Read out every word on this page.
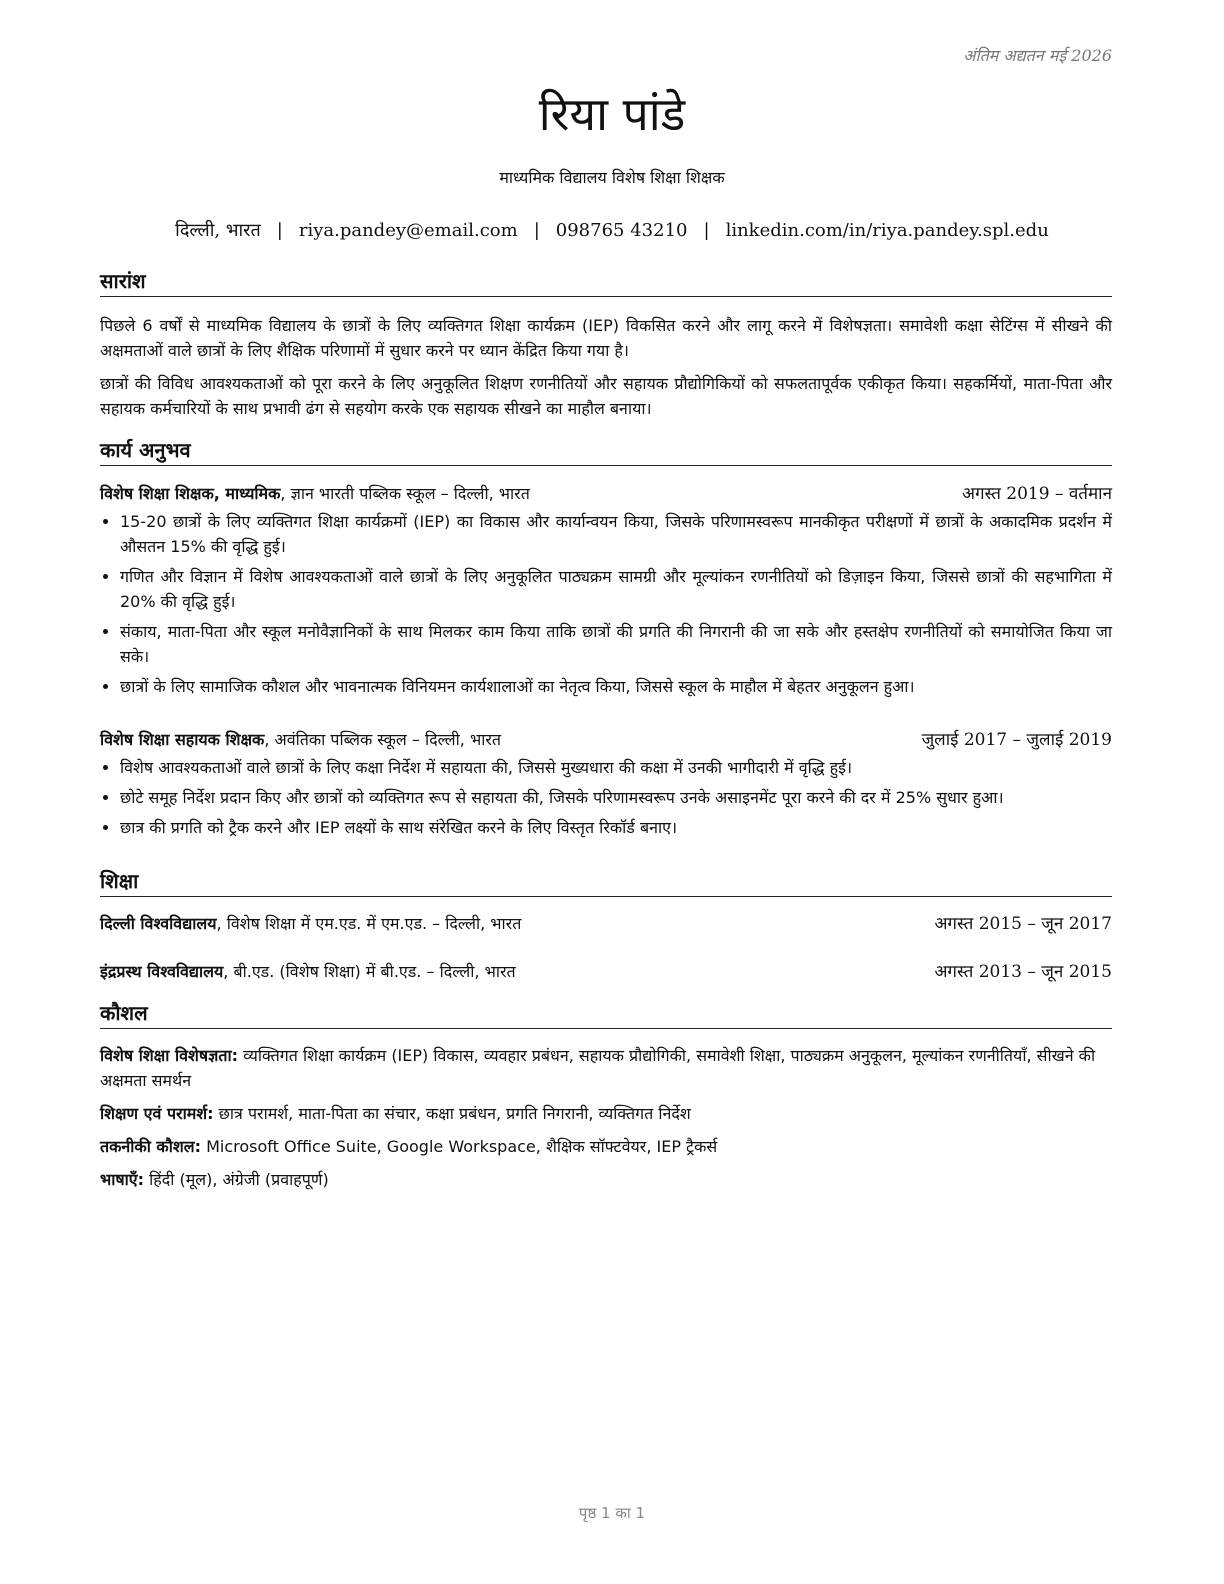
अंतिम अद्यतन मई 2026
रिया पांडे
माध्यमिक विद्यालय विशेष शिक्षा शिक्षक
दिल्ली, भारत | riya.pandey@email.com | 098765 43210 | linkedin.com/in/riya.pandey.spl.edu
सारांश

पिछले 6 वर्षों से माध्यमिक विद्यालय के छात्रों के लिए व्यक्तिगत शिक्षा कार्यक्रम (IEP) विकसित करने और लागू करने में विशेषज्ञता। समावेशी कक्षा सेटिंग्स में सीखने की अक्षमताओं वाले छात्रों के लिए शैक्षिक परिणामों में सुधार करने पर ध्यान केंद्रित किया गया है।

छात्रों की विविध आवश्यकताओं को पूरा करने के लिए अनुकूलित शिक्षण रणनीतियों और सहायक प्रौद्योगिकियों को सफलतापूर्वक एकीकृत किया। सहकर्मियों, माता-पिता और सहायक कर्मचारियों के साथ प्रभावी ढंग से सहयोग करके एक सहायक सीखने का माहौल बनाया।

कार्य अनुभव
विशेष शिक्षा शिक्षक, माध्यमिक, ज्ञान भारती पब्लिक स्कूल – दिल्ली, भारत	अगस्त 2019 – वर्तमान
• 15-20 छात्रों के लिए व्यक्तिगत शिक्षा कार्यक्रमों (IEP) का विकास और कार्यान्वयन किया, जिसके परिणामस्वरूप मानकीकृत परीक्षणों में छात्रों के अकादमिक प्रदर्शन में औसतन 15% की वृद्धि हुई।
• गणित और विज्ञान में विशेष आवश्यकताओं वाले छात्रों के लिए अनुकूलित पाठ्यक्रम सामग्री और मूल्यांकन रणनीतियों को डिज़ाइन किया, जिससे छात्रों की सहभागिता में 20% की वृद्धि हुई।
• संकाय, माता-पिता और स्कूल मनोवैज्ञानिकों के साथ मिलकर काम किया ताकि छात्रों की प्रगति की निगरानी की जा सके और हस्तक्षेप रणनीतियों को समायोजित किया जा सके।
• छात्रों के लिए सामाजिक कौशल और भावनात्मक विनियमन कार्यशालाओं का नेतृत्व किया, जिससे स्कूल के माहौल में बेहतर अनुकूलन हुआ।
विशेष शिक्षा सहायक शिक्षक, अवंतिका पब्लिक स्कूल – दिल्ली, भारत	जुलाई 2017 – जुलाई 2019
• विशेष आवश्यकताओं वाले छात्रों के लिए कक्षा निर्देश में सहायता की, जिससे मुख्यधारा की कक्षा में उनकी भागीदारी में वृद्धि हुई।
• छोटे समूह निर्देश प्रदान किए और छात्रों को व्यक्तिगत रूप से सहायता की, जिसके परिणामस्वरूप उनके असाइनमेंट पूरा करने की दर में 25% सुधार हुआ।
• छात्र की प्रगति को ट्रैक करने और IEP लक्ष्यों के साथ संरेखित करने के लिए विस्तृत रिकॉर्ड बनाए।
शिक्षा
दिल्ली विश्वविद्यालय, विशेष शिक्षा में एम.एड. में एम.एड. – दिल्ली, भारत	अगस्त 2015 – जून 2017
इंद्रप्रस्थ विश्वविद्यालय, बी.एड. (विशेष शिक्षा) में बी.एड. – दिल्ली, भारत	अगस्त 2013 – जून 2015
कौशल
विशेष शिक्षा विशेषज्ञता: व्यक्तिगत शिक्षा कार्यक्रम (IEP) विकास, व्यवहार प्रबंधन, सहायक प्रौद्योगिकी, समावेशी शिक्षा, पाठ्यक्रम अनुकूलन, मूल्यांकन रणनीतियाँ, सीखने की अक्षमता समर्थन
शिक्षण एवं परामर्श: छात्र परामर्श, माता-पिता का संचार, कक्षा प्रबंधन, प्रगति निगरानी, व्यक्तिगत निर्देश
तकनीकी कौशल: Microsoft Office Suite, Google Workspace, शैक्षिक सॉफ्टवेयर, IEP ट्रैकर्स
भाषाएँ: हिंदी (मूल), अंग्रेजी (प्रवाहपूर्ण)
पृष्ठ 1 का 1
